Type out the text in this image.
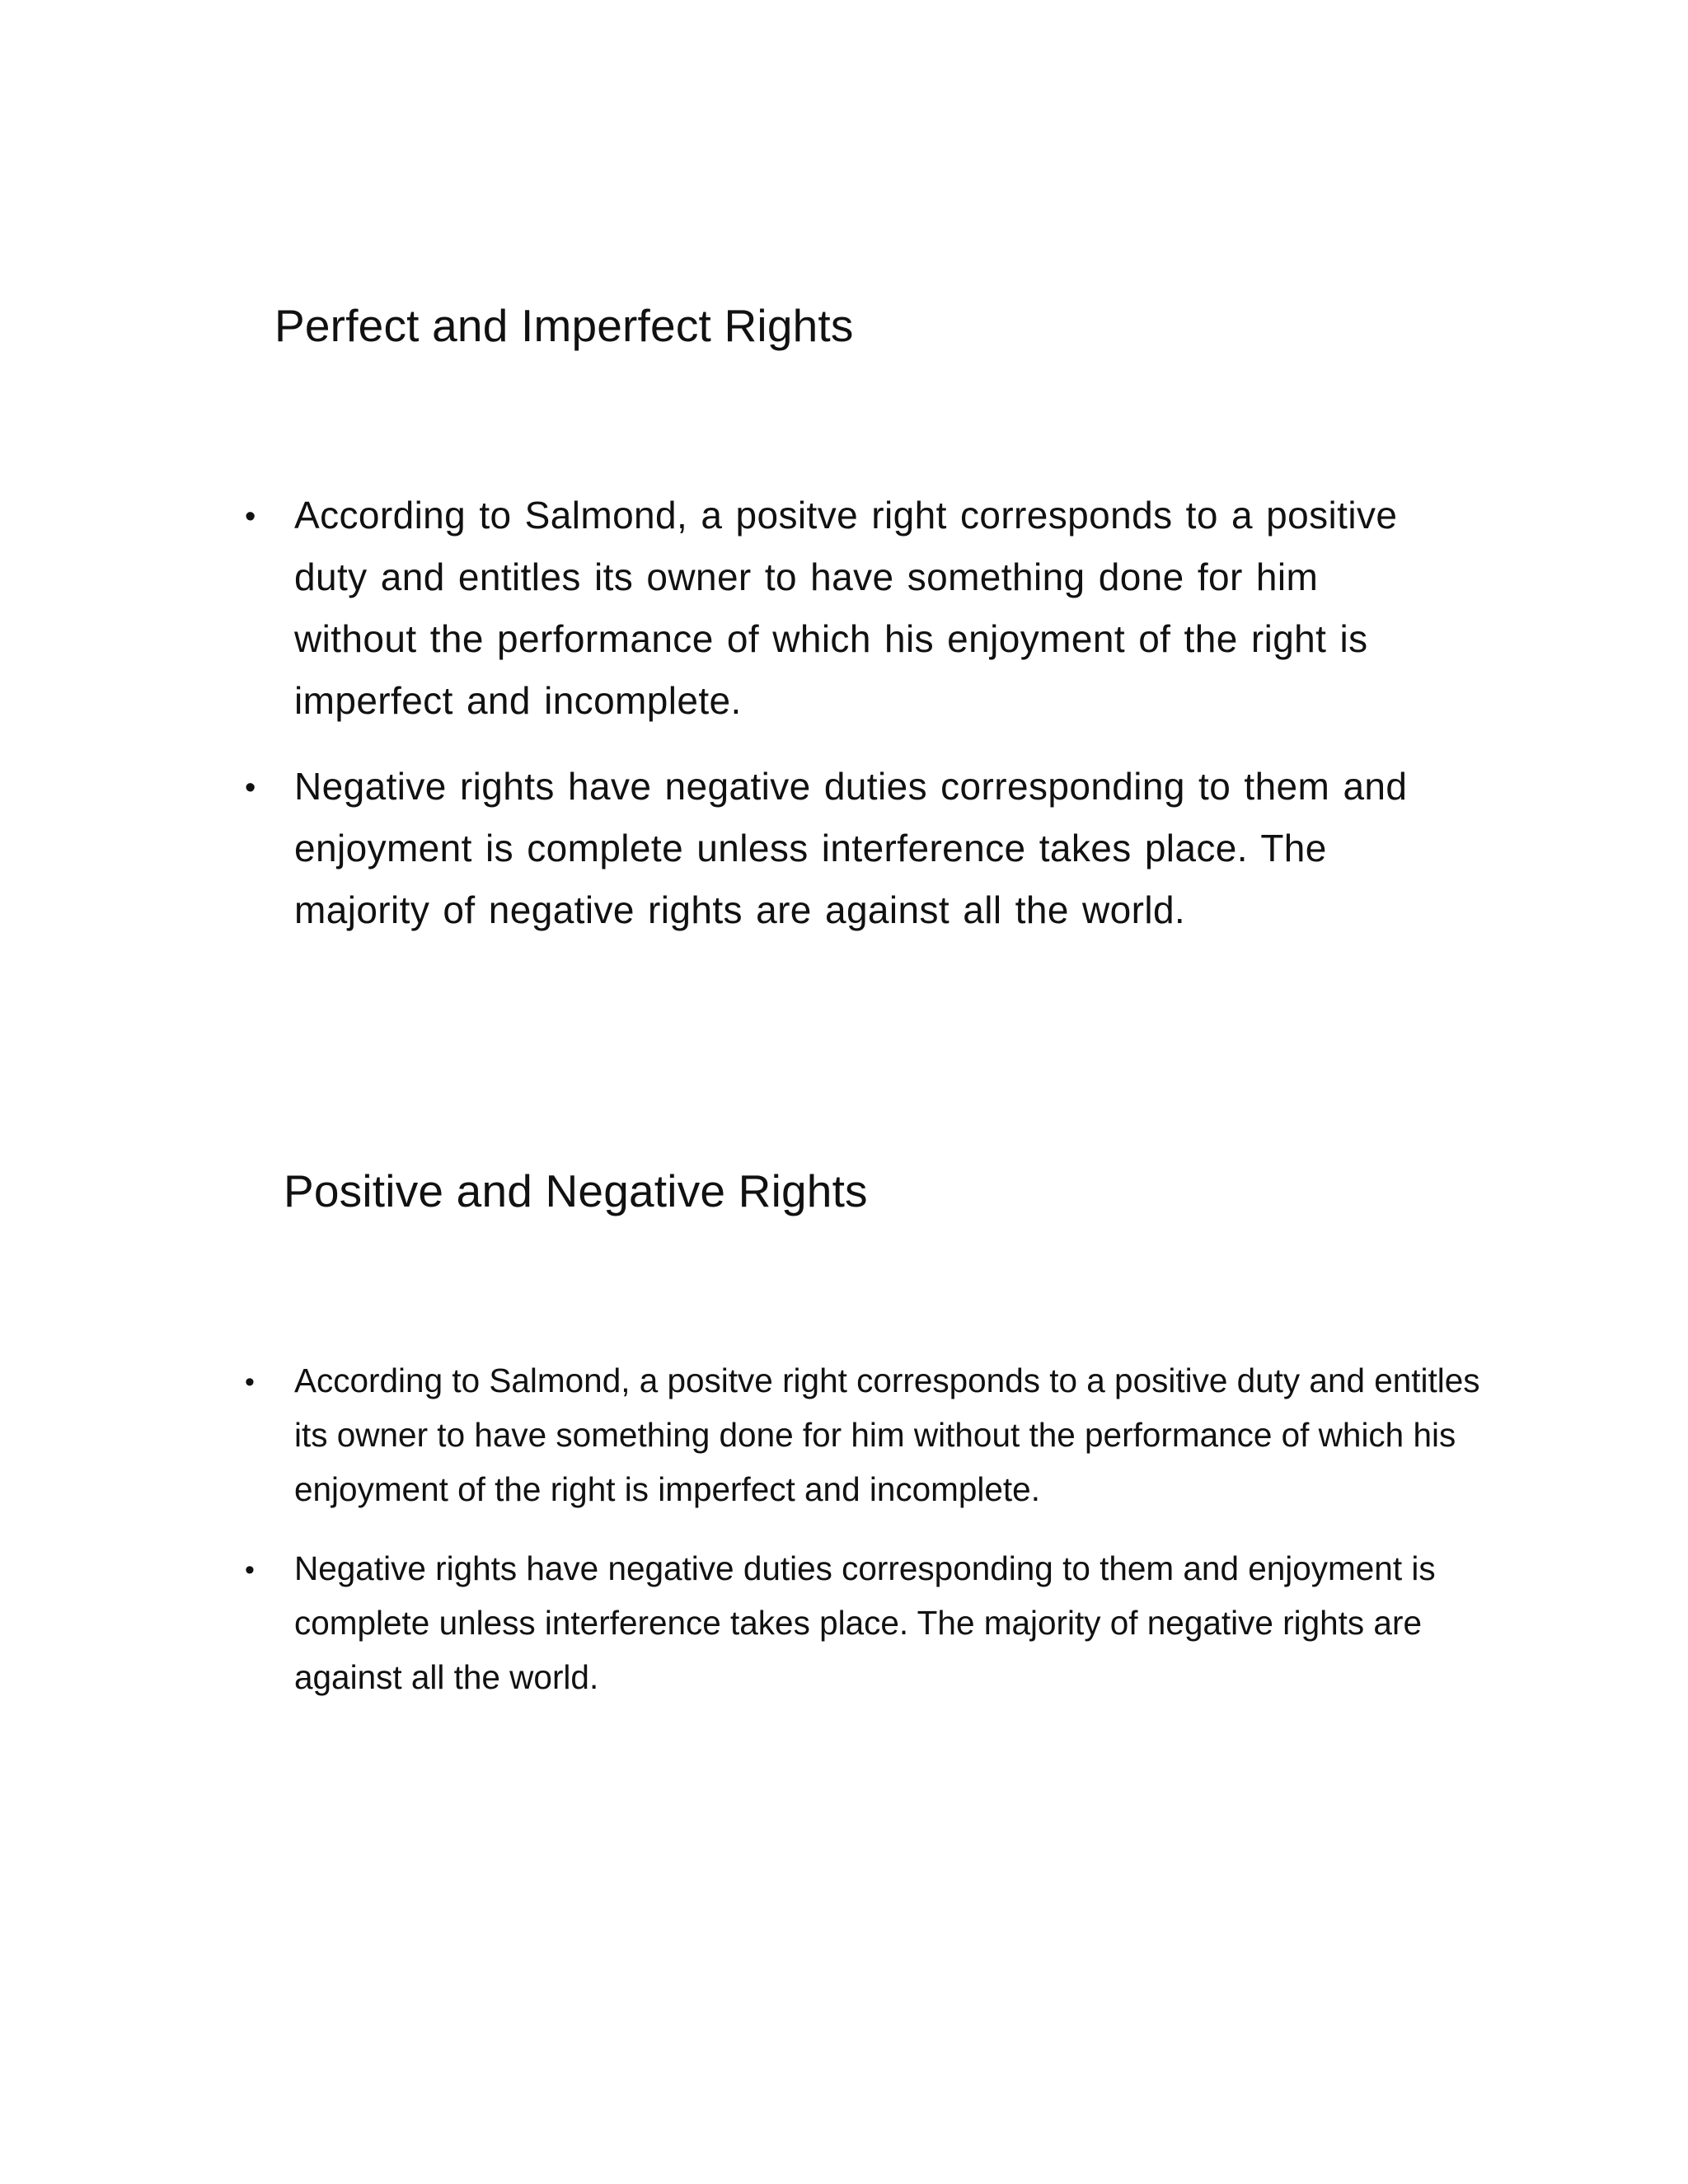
Perfect and Imperfect Rights
• According to Salmond, a positve right corresponds to a positive duty and entitles its owner to have something done for him without the performance of which his enjoyment of the right is imperfect and incomplete.
• Negative rights have negative duties corresponding to them and enjoyment is complete unless interference takes place. The majority of negative rights are against all the world.
Positive and Negative Rights
• According to Salmond, a positve right corresponds to a positive duty and entitles its owner to have something done for him without the performance of which his enjoyment of the right is imperfect and incomplete.
• Negative rights have negative duties corresponding to them and enjoyment is complete unless interference takes place. The majority of negative rights are against all the world.
